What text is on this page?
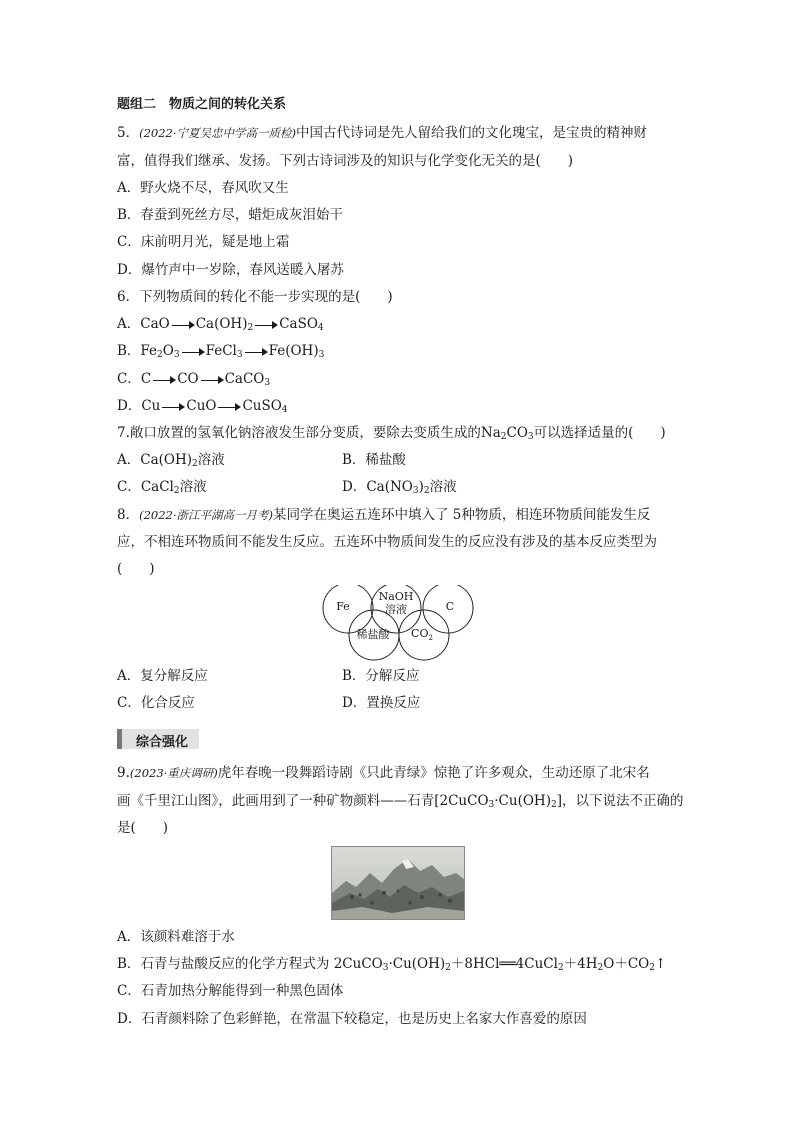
题组二　物质之间的转化关系
5．(2022·宁夏吴忠中学高一质检)中国古代诗词是先人留给我们的文化瑰宝，是宝贵的精神财
富，值得我们继承、发扬。下列古诗词涉及的知识与化学变化无关的是(　　)
A．野火烧不尽，春风吹又生
B．春蚕到死丝方尽，蜡炬成灰泪始干
C．床前明月光，疑是地上霜
D．爆竹声中一岁除，春风送暖入屠苏
6．下列物质间的转化不能一步实现的是(　　)
A．CaO $Ca(OH)_2$ CaSO$_4$
B．$Fe_2O_3$ FeCl$_3$ $Fe(OH)_3$
C．C CO CaCO$_3$
D．Cu CuO CuSO$_4$
7.敞口放置的氢氧化钠溶液发生部分变质，要除去变质生成的$Na_2CO_3$可以选择适量的(　　)
A．$Ca(OH)_2$溶液	B．稀盐酸
C．CaCl$_2$溶液	D．$Ca(NO_3)_2$溶液
8．(2022·浙江平湖高一月考)某同学在奥运五连环中填入了 5种物质，相连环物质间能发生反
应，不相连环物质间不能发生反应。五连环中物质间发生的反应没有涉及的基本反应类型为
(　　)
Fe
NaOH
溶液	C
稀盐酸 $CO_2$
A．复分解反应	B．分解反应
C．化合反应	D．置换反应
综合强化
9.(2023·重庆调研)虎年春晚一段舞蹈诗剧《只此青绿》惊艳了许多观众，生动还原了北宋名
画《千里江山图》，此画用到了一种矿物颜料——石青$[2CuCO_3\cdot Cu(OH)_2]$，以下说法不正确的
是(　　)
A．该颜料难溶于水
B．石青与盐酸反应的化学方程式为 $2CuCO_3\cdot Cu(OH)_2+8HCl══4CuCl_2+4H_2O+CO_2↑$
C．石青加热分解能得到一种黑色固体
D．石青颜料除了色彩鲜艳，在常温下较稳定，也是历史上名家大作喜爱的原因
